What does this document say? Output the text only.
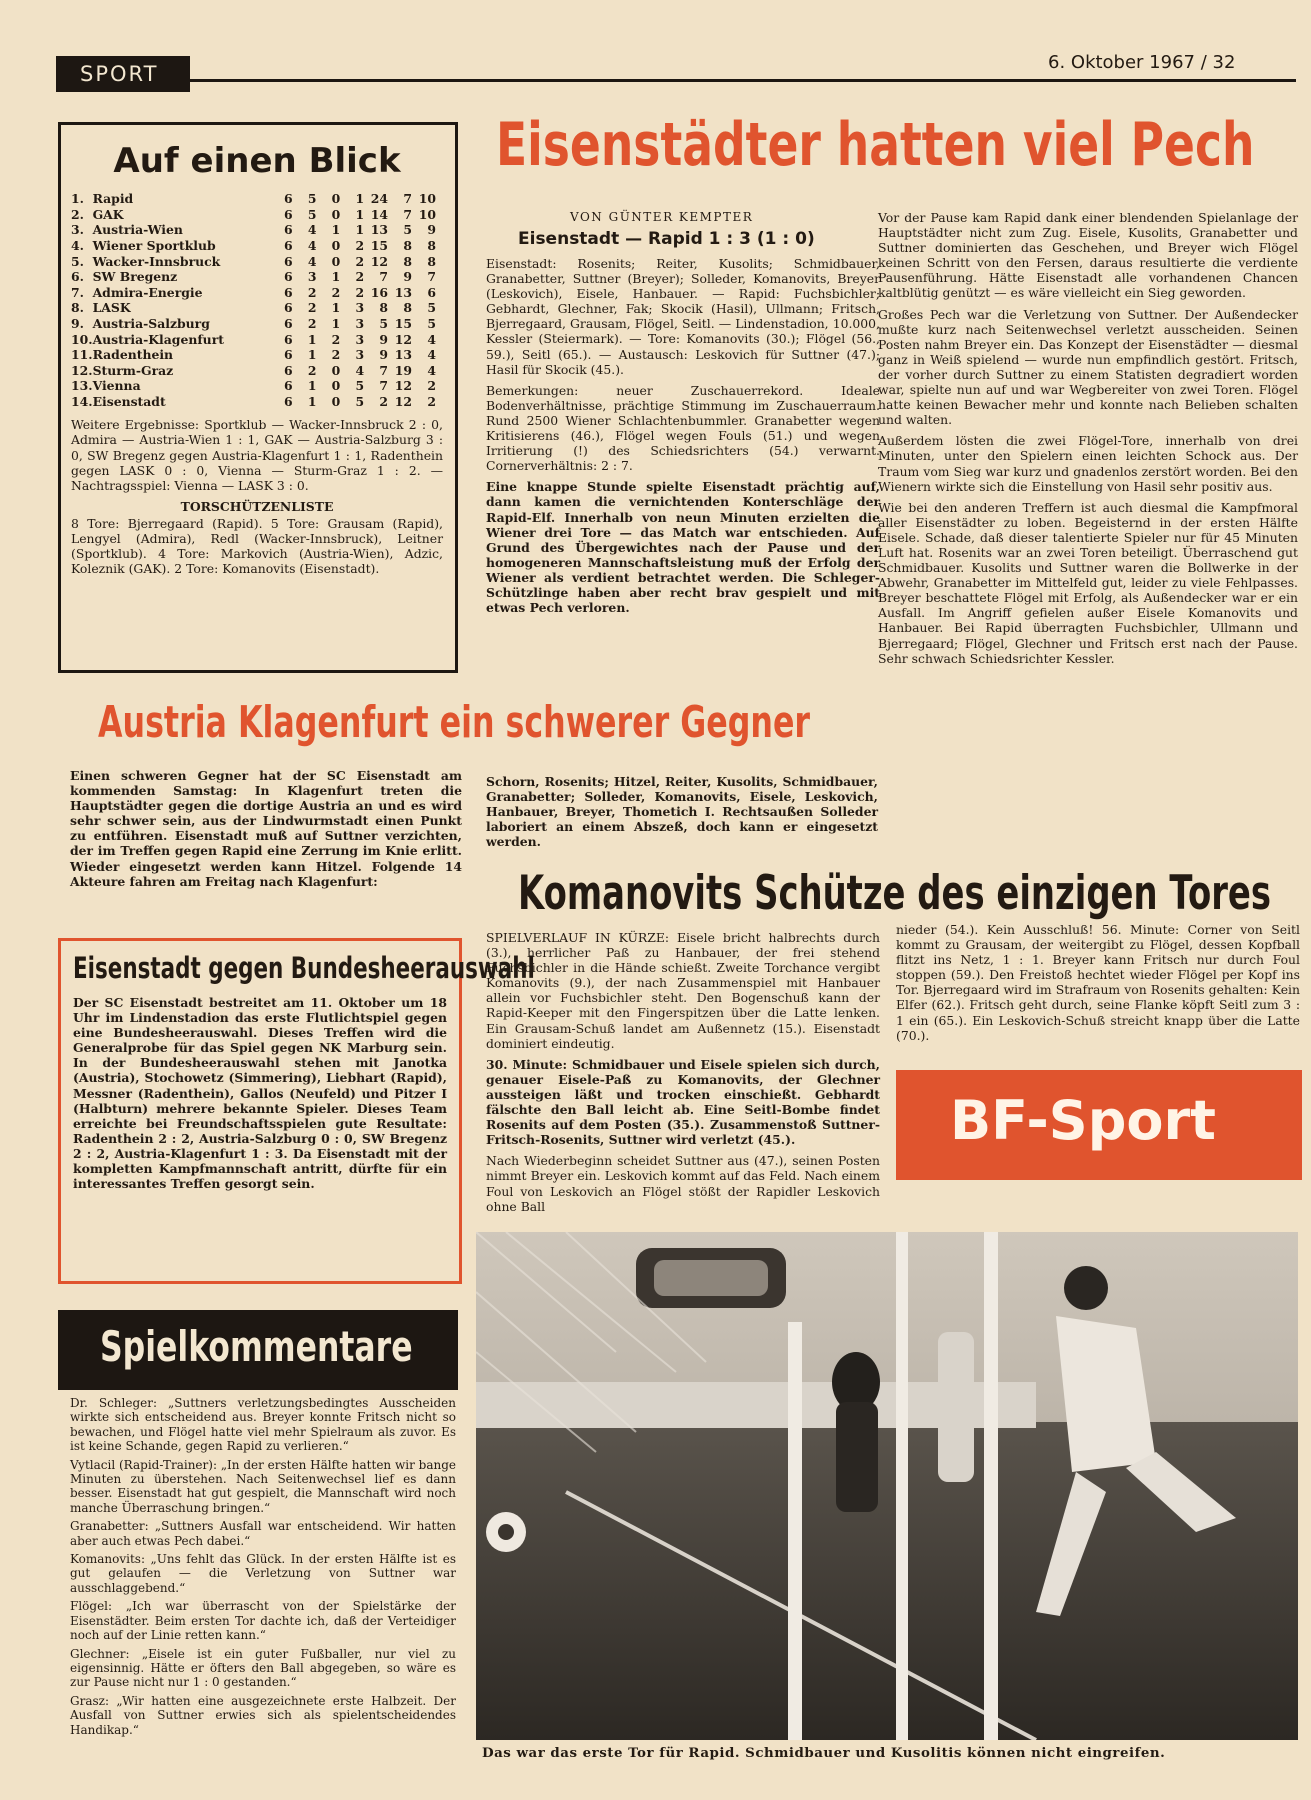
SPORT	6. Oktober 1967 / 32
Auf einen Blick
1.	Rapid	6	5	0	1	24	7	10
2.	GAK	6	5	0	1	14	7	10
3.	Austria-Wien	6	4	1	1	13	5	9
4.	Wiener Sportklub	6	4	0	2	15	8	8
5.	Wacker-Innsbruck	6	4	0	2	12	8	8
6.	SW Bregenz	6	3	1	2	7	9	7
7.	Admira-Energie	6	2	2	2	16	13	6
8.	LASK	6	2	1	3	8	8	5
9.	Austria-Salzburg	6	2	1	3	5	15	5
10.	Austria-Klagenfurt	6	1	2	3	9	12	4
11.	Radenthein	6	1	2	3	9	13	4
12.	Sturm-Graz	6	2	0	4	7	19	4
13.	Vienna	6	1	0	5	7	12	2
14.	Eisenstadt	6	1	0	5	2	12	2
Weitere Ergebnisse: Sportklub — Wacker-Innsbruck 2 : 0, Admira — Austria-Wien 1 : 1, GAK — Austria-Salzburg 3 : 0, SW Bregenz gegen Austria-Klagenfurt 1 : 1, Radenthein gegen LASK 0 : 0, Vienna — Sturm-Graz 1 : 2. — Nachtragsspiel: Vienna — LASK 3 : 0.
TORSCHÜTZENLISTE
8 Tore: Bjerregaard (Rapid). 5 Tore: Grausam (Rapid), Lengyel (Admira), Redl (Wacker-Innsbruck), Leitner (Sportklub). 4 Tore: Markovich (Austria-Wien), Adzic, Koleznik (GAK). 2 Tore: Komanovits (Eisenstadt).
Eisenstädter hatten viel Pech
VON GÜNTER KEMPTER
Eisenstadt — Rapid 1 : 3 (1 : 0)
Eisenstadt: Rosenits; Reiter, Kusolits; Schmidbauer, Granabetter, Suttner (Breyer); Solleder, Komanovits, Breyer (Leskovich), Eisele, Hanbauer. — Rapid: Fuchsbichler; Gebhardt, Glechner, Fak; Skocik (Hasil), Ullmann; Fritsch, Bjerregaard, Grausam, Flögel, Seitl. — Lindenstadion, 10.000, Kessler (Steiermark). — Tore: Komanovits (30.); Flögel (56., 59.), Seitl (65.). — Austausch: Leskovich für Suttner (47.); Hasil für Skocik (45.).
Bemerkungen: neuer Zuschauerrekord. Ideale Bodenverhältnisse, prächtige Stimmung im Zuschauerraum. Rund 2500 Wiener Schlachtenbummler. Granabetter wegen Kritisierens (46.), Flögel wegen Fouls (51.) und wegen Irritierung (!) des Schiedsrichters (54.) verwarnt. Cornerverhältnis: 2 : 7.
Eine knappe Stunde spielte Eisenstadt prächtig auf, dann kamen die vernichtenden Konterschläge der Rapid-Elf. Innerhalb von neun Minuten erzielten die Wiener drei Tore — das Match war entschieden. Auf Grund des Übergewichtes nach der Pause und der homogeneren Mannschaftsleistung muß der Erfolg der Wiener als verdient betrachtet werden. Die Schleger-Schützlinge haben aber recht brav gespielt und mit etwas Pech verloren.
Vor der Pause kam Rapid dank einer blendenden Spielanlage der Hauptstädter nicht zum Zug. Eisele, Kusolits, Granabetter und Suttner dominierten das Geschehen, und Breyer wich Flögel keinen Schritt von den Fersen, daraus resultierte die verdiente Pausenführung. Hätte Eisenstadt alle vorhandenen Chancen kaltblütig genützt — es wäre vielleicht ein Sieg geworden.
Großes Pech war die Verletzung von Suttner. Der Außendecker mußte kurz nach Seitenwechsel verletzt ausscheiden. Seinen Posten nahm Breyer ein. Das Konzept der Eisenstädter — diesmal ganz in Weiß spielend — wurde nun empfindlich gestört. Fritsch, der vorher durch Suttner zu einem Statisten degradiert worden war, spielte nun auf und war Wegbereiter von zwei Toren. Flögel hatte keinen Bewacher mehr und konnte nach Belieben schalten und walten.
Außerdem lösten die zwei Flögel-Tore, innerhalb von drei Minuten, unter den Spielern einen leichten Schock aus. Der Traum vom Sieg war kurz und gnadenlos zerstört worden. Bei den Wienern wirkte sich die Einstellung von Hasil sehr positiv aus.
Wie bei den anderen Treffern ist auch diesmal die Kampfmoral aller Eisenstädter zu loben. Begeisternd in der ersten Hälfte Eisele. Schade, daß dieser talentierte Spieler nur für 45 Minuten Luft hat. Rosenits war an zwei Toren beteiligt. Überraschend gut Schmidbauer. Kusolits und Suttner waren die Bollwerke in der Abwehr, Granabetter im Mittelfeld gut, leider zu viele Fehlpasses. Breyer beschattete Flögel mit Erfolg, als Außendecker war er ein Ausfall. Im Angriff gefielen außer Eisele Komanovits und Hanbauer. Bei Rapid überragten Fuchsbichler, Ullmann und Bjerregaard; Flögel, Glechner und Fritsch erst nach der Pause. Sehr schwach Schiedsrichter Kessler.
Austria Klagenfurt ein schwerer Gegner
Einen schweren Gegner hat der SC Eisenstadt am kommenden Samstag: In Klagenfurt treten die Hauptstädter gegen die dortige Austria an und es wird sehr schwer sein, aus der Lindwurmstadt einen Punkt zu entführen. Eisenstadt muß auf Suttner verzichten, der im Treffen gegen Rapid eine Zerrung im Knie erlitt. Wieder eingesetzt werden kann Hitzel. Folgende 14 Akteure fahren am Freitag nach Klagenfurt:
Schorn, Rosenits; Hitzel, Reiter, Kusolits, Schmidbauer, Granabetter; Solleder, Komanovits, Eisele, Leskovich, Hanbauer, Breyer, Thometich I. Rechtsaußen Solleder laboriert an einem Abszeß, doch kann er eingesetzt werden.
Eisenstadt gegen Bundesheerauswahl
Der SC Eisenstadt bestreitet am 11. Oktober um 18 Uhr im Lindenstadion das erste Flutlichtspiel gegen eine Bundesheerauswahl. Dieses Treffen wird die Generalprobe für das Spiel gegen NK Marburg sein. In der Bundesheerauswahl stehen mit Janotka (Austria), Stochowetz (Simmering), Liebhart (Rapid), Messner (Radenthein), Gallos (Neufeld) und Pitzer I (Halbturn) mehrere bekannte Spieler. Dieses Team erreichte bei Freundschaftsspielen gute Resultate: Radenthein 2 : 2, Austria-Salzburg 0 : 0, SW Bregenz 2 : 2, Austria-Klagenfurt 1 : 3. Da Eisenstadt mit der kompletten Kampfmannschaft antritt, dürfte für ein interessantes Treffen gesorgt sein.
Komanovits Schütze des einzigen Tores
SPIELVERLAUF IN KÜRZE: Eisele bricht halbrechts durch (3.), herrlicher Paß zu Hanbauer, der frei stehend Fuchsbichler in die Hände schießt. Zweite Torchance vergibt Komanovits (9.), der nach Zusammenspiel mit Hanbauer allein vor Fuchsbichler steht. Den Bogenschuß kann der Rapid-Keeper mit den Fingerspitzen über die Latte lenken. Ein Grausam-Schuß landet am Außennetz (15.). Eisenstadt dominiert eindeutig.
30. Minute: Schmidbauer und Eisele spielen sich durch, genauer Eisele-Paß zu Komanovits, der Glechner aussteigen läßt und trocken einschießt. Gebhardt fälschte den Ball leicht ab. Eine Seitl-Bombe findet Rosenits auf dem Posten (35.). Zusammenstoß Suttner-Fritsch-Rosenits, Suttner wird verletzt (45.).
Nach Wiederbeginn scheidet Suttner aus (47.), seinen Posten nimmt Breyer ein. Leskovich kommt auf das Feld. Nach einem Foul von Leskovich an Flögel stößt der Rapidler Leskovich ohne Ball
nieder (54.). Kein Ausschluß! 56. Minute: Corner von Seitl kommt zu Grausam, der weitergibt zu Flögel, dessen Kopfball flitzt ins Netz, 1 : 1. Breyer kann Fritsch nur durch Foul stoppen (59.). Den Freistoß hechtet wieder Flögel per Kopf ins Tor. Bjerregaard wird im Strafraum von Rosenits gehalten: Kein Elfer (62.). Fritsch geht durch, seine Flanke köpft Seitl zum 3 : 1 ein (65.). Ein Leskovich-Schuß streicht knapp über die Latte (70.).
BF-Sport
Spielkommentare
Dr. Schleger: „Suttners verletzungsbedingtes Ausscheiden wirkte sich entscheidend aus. Breyer konnte Fritsch nicht so bewachen, und Flögel hatte viel mehr Spielraum als zuvor. Es ist keine Schande, gegen Rapid zu verlieren.“
Vytlacil (Rapid-Trainer): „In der ersten Hälfte hatten wir bange Minuten zu überstehen. Nach Seitenwechsel lief es dann besser. Eisenstadt hat gut gespielt, die Mannschaft wird noch manche Überraschung bringen.“
Granabetter: „Suttners Ausfall war entscheidend. Wir hatten aber auch etwas Pech dabei.“
Komanovits: „Uns fehlt das Glück. In der ersten Hälfte ist es gut gelaufen — die Verletzung von Suttner war ausschlaggebend.“
Flögel: „Ich war überrascht von der Spielstärke der Eisenstädter. Beim ersten Tor dachte ich, daß der Verteidiger noch auf der Linie retten kann.“
Glechner: „Eisele ist ein guter Fußballer, nur viel zu eigensinnig. Hätte er öfters den Ball abgegeben, so wäre es zur Pause nicht nur 1 : 0 gestanden.“
Grasz: „Wir hatten eine ausgezeichnete erste Halbzeit. Der Ausfall von Suttner erwies sich als spielentscheidendes Handikap.“
Das war das erste Tor für Rapid. Schmidbauer und Kusolitis können nicht eingreifen.
